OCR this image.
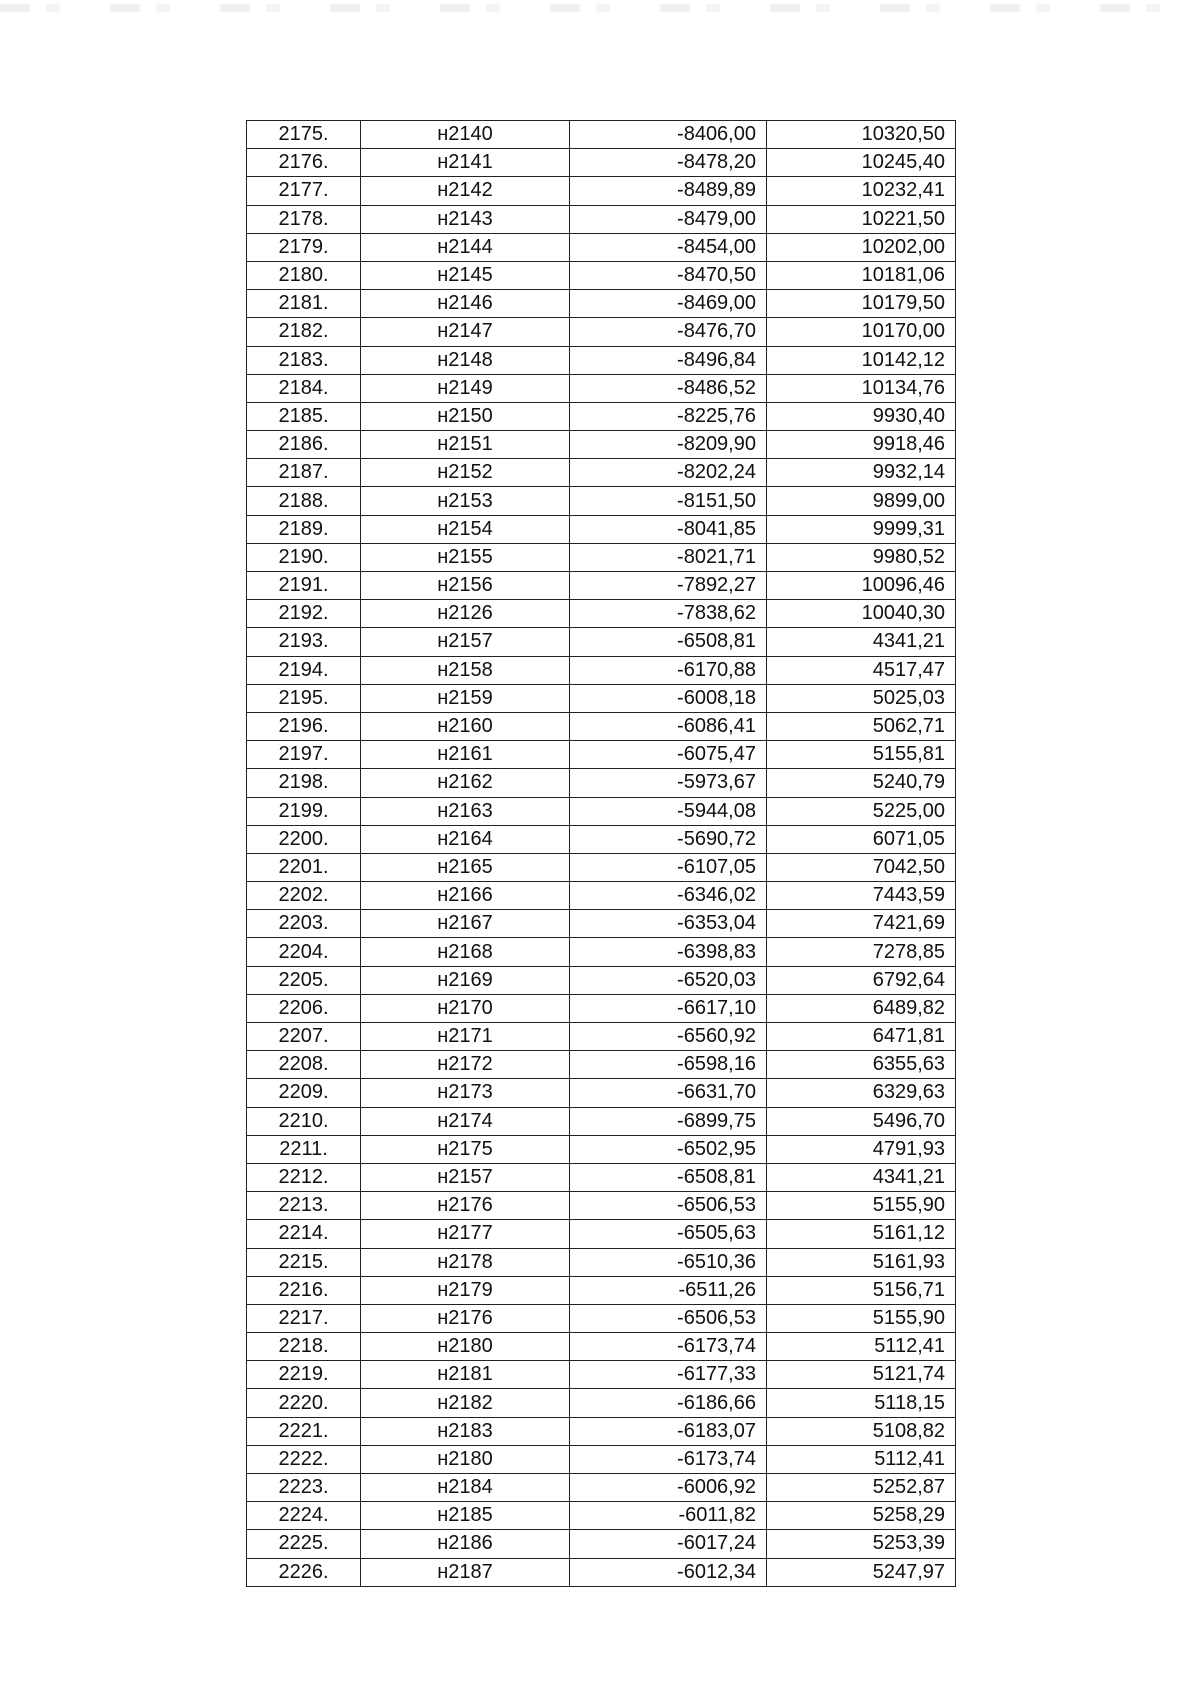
2175.	н2140	-8406,00	10320,50
2176.	н2141	-8478,20	10245,40
2177.	н2142	-8489,89	10232,41
2178.	н2143	-8479,00	10221,50
2179.	н2144	-8454,00	10202,00
2180.	н2145	-8470,50	10181,06
2181.	н2146	-8469,00	10179,50
2182.	н2147	-8476,70	10170,00
2183.	н2148	-8496,84	10142,12
2184.	н2149	-8486,52	10134,76
2185.	н2150	-8225,76	9930,40
2186.	н2151	-8209,90	9918,46
2187.	н2152	-8202,24	9932,14
2188.	н2153	-8151,50	9899,00
2189.	н2154	-8041,85	9999,31
2190.	н2155	-8021,71	9980,52
2191.	н2156	-7892,27	10096,46
2192.	н2126	-7838,62	10040,30
2193.	н2157	-6508,81	4341,21
2194.	н2158	-6170,88	4517,47
2195.	н2159	-6008,18	5025,03
2196.	н2160	-6086,41	5062,71
2197.	н2161	-6075,47	5155,81
2198.	н2162	-5973,67	5240,79
2199.	н2163	-5944,08	5225,00
2200.	н2164	-5690,72	6071,05
2201.	н2165	-6107,05	7042,50
2202.	н2166	-6346,02	7443,59
2203.	н2167	-6353,04	7421,69
2204.	н2168	-6398,83	7278,85
2205.	н2169	-6520,03	6792,64
2206.	н2170	-6617,10	6489,82
2207.	н2171	-6560,92	6471,81
2208.	н2172	-6598,16	6355,63
2209.	н2173	-6631,70	6329,63
2210.	н2174	-6899,75	5496,70
2211.	н2175	-6502,95	4791,93
2212.	н2157	-6508,81	4341,21
2213.	н2176	-6506,53	5155,90
2214.	н2177	-6505,63	5161,12
2215.	н2178	-6510,36	5161,93
2216.	н2179	-6511,26	5156,71
2217.	н2176	-6506,53	5155,90
2218.	н2180	-6173,74	5112,41
2219.	н2181	-6177,33	5121,74
2220.	н2182	-6186,66	5118,15
2221.	н2183	-6183,07	5108,82
2222.	н2180	-6173,74	5112,41
2223.	н2184	-6006,92	5252,87
2224.	н2185	-6011,82	5258,29
2225.	н2186	-6017,24	5253,39
2226.	н2187	-6012,34	5247,97
